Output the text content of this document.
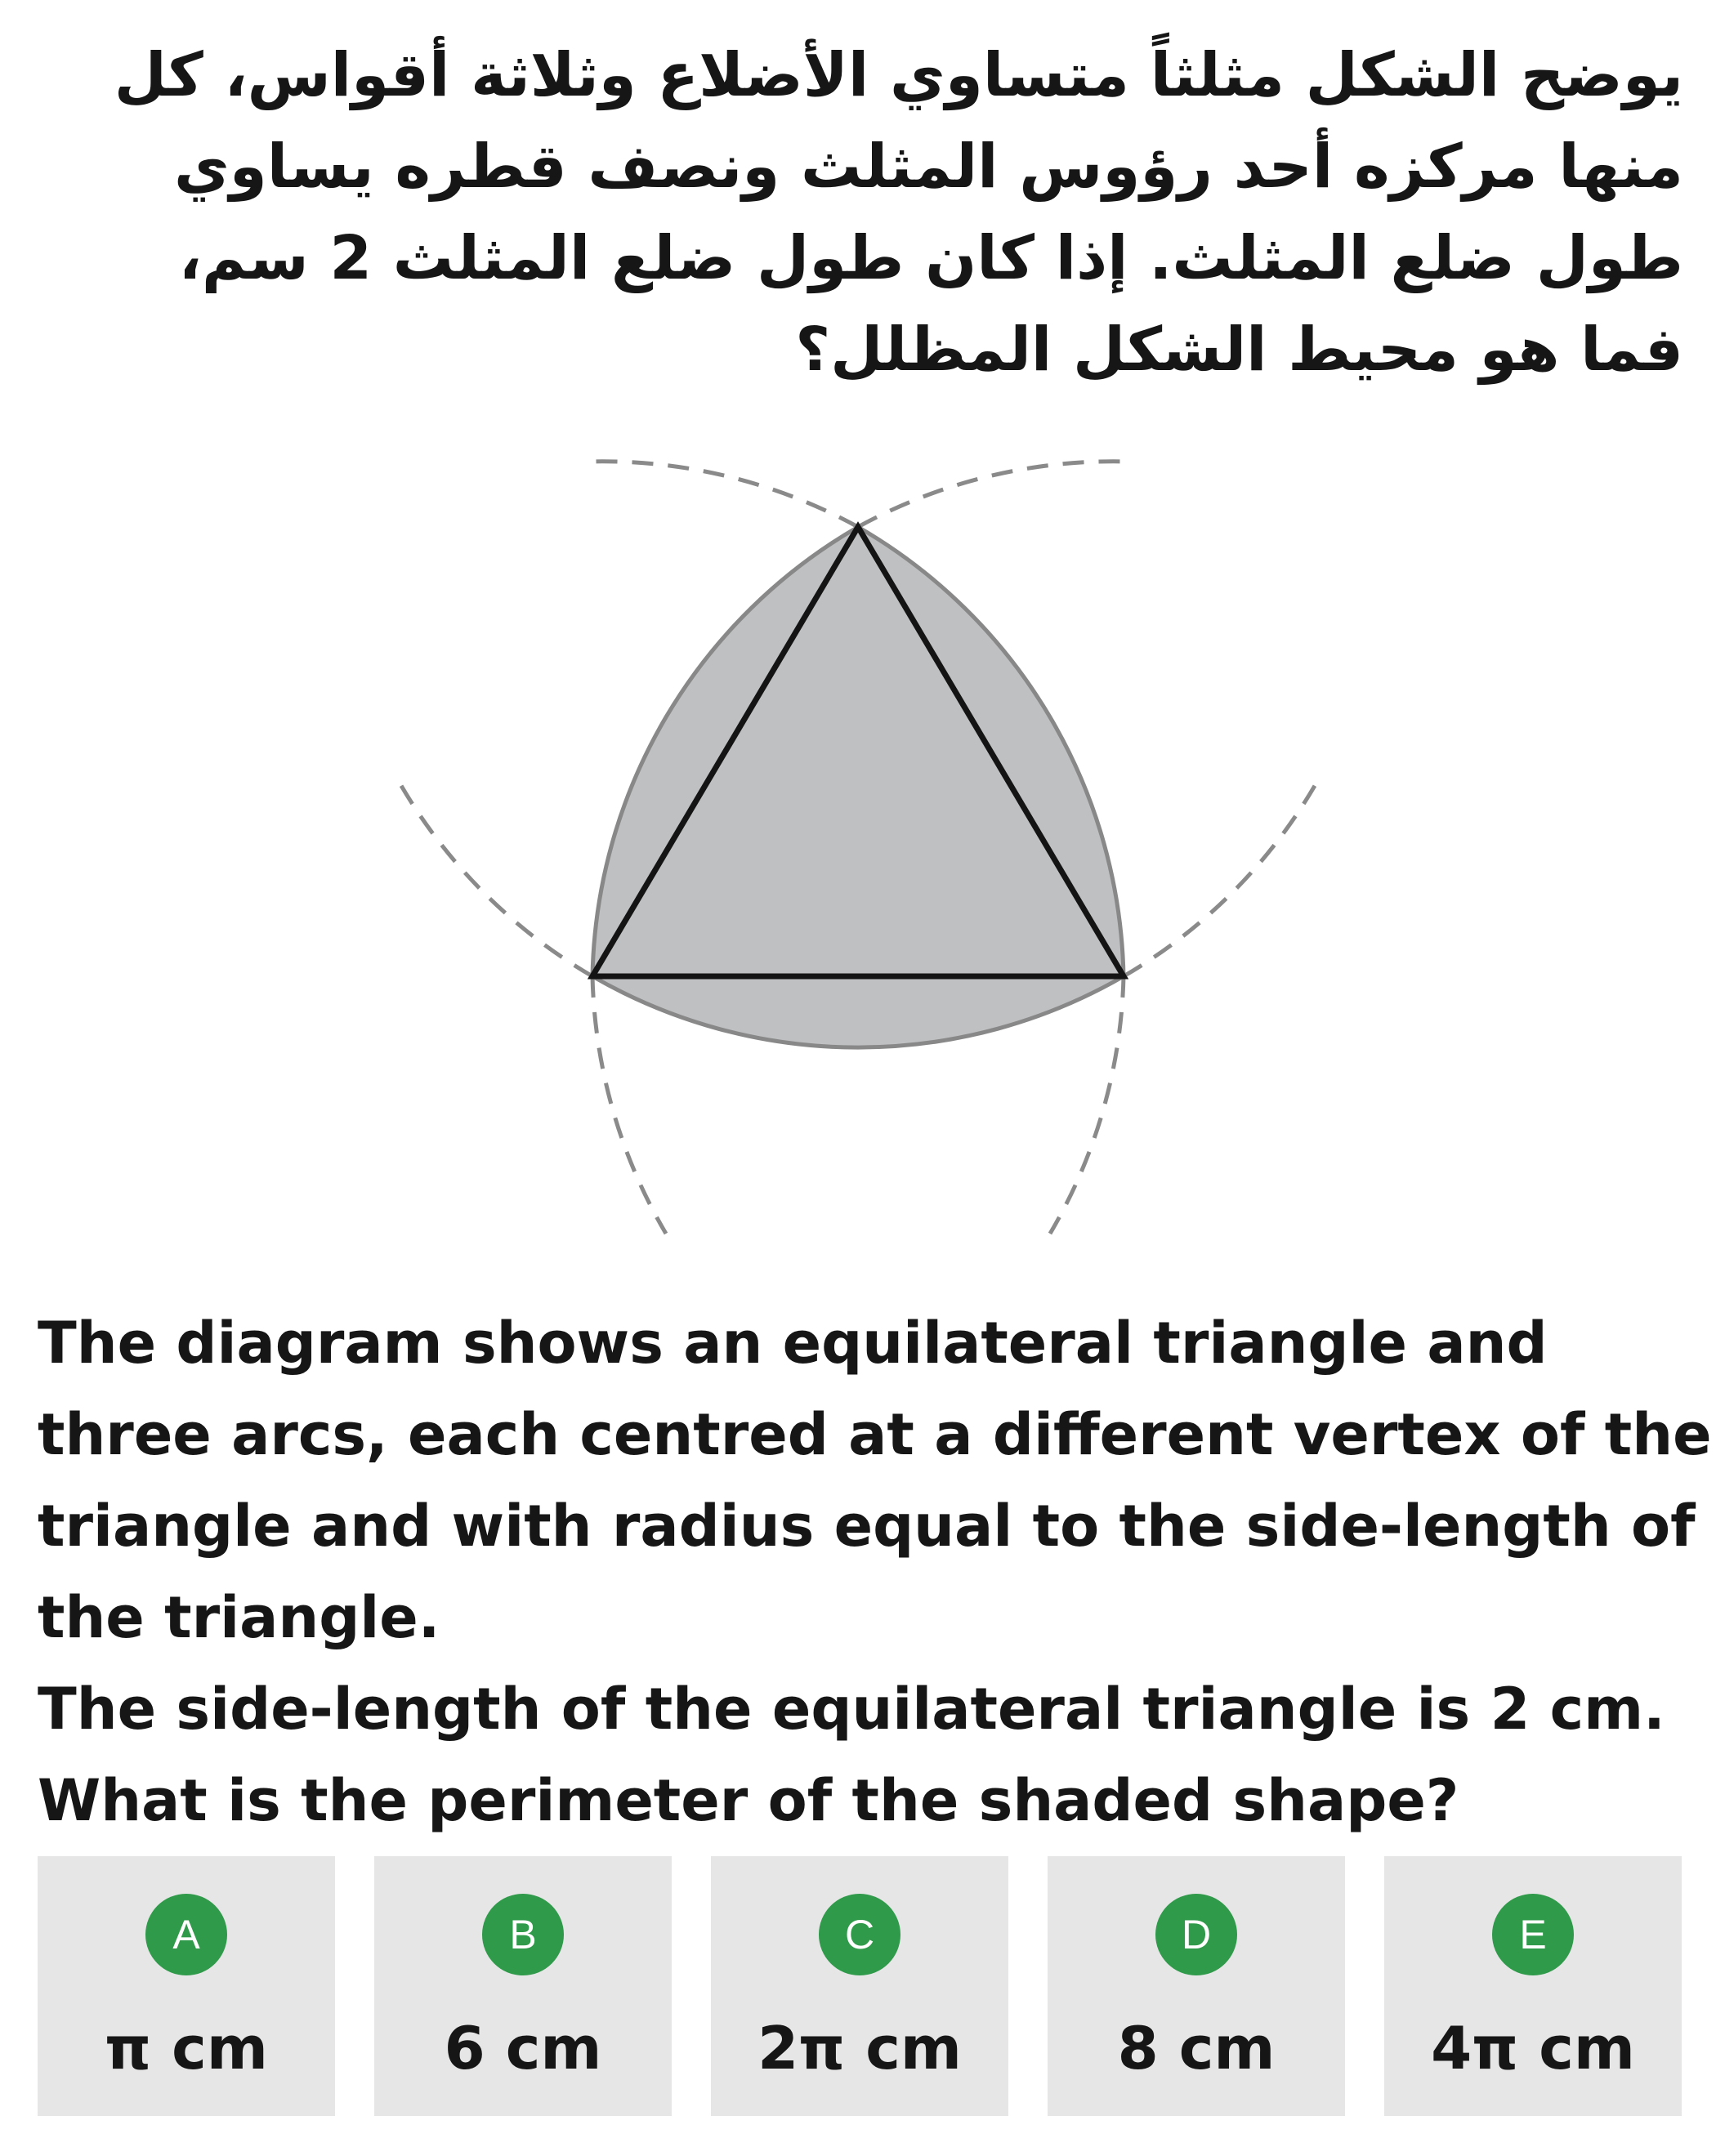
يوضح الشكل مثلثاً متساوي الأضلاع وثلاثة أقواس، كل
منها مركزه أحد رؤوس المثلث ونصف قطره يساوي
طول ضلع المثلث. إذا كان طول ضلع المثلث 2 سم،
فما هو محيط الشكل المظلل؟
The diagram shows an equilateral triangle and
three arcs, each centred at a different vertex of the
triangle and with radius equal to the side-length of
the triangle.
The side-length of the equilateral triangle is 2 cm.
What is the perimeter of the shaded shape?
A
π cm
B
6 cm
C
2π cm
D
8 cm
E
4π cm
